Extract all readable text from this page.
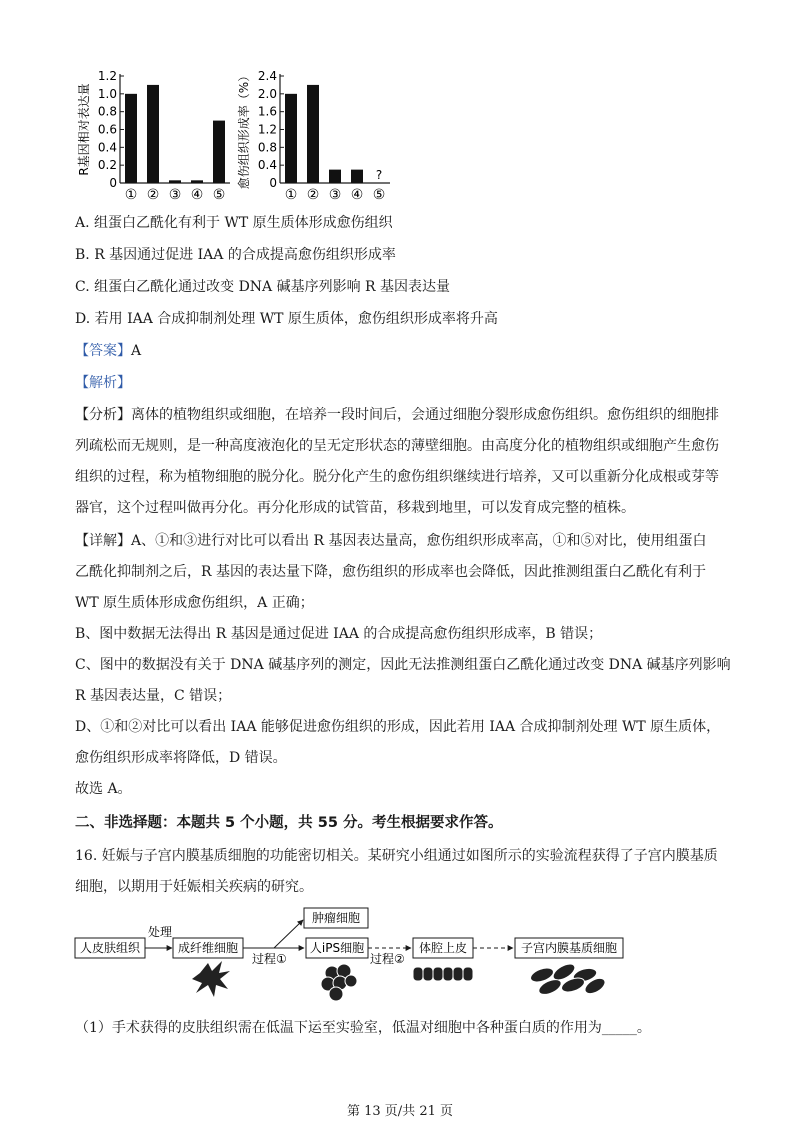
0
0.2
0.4
0.6
0.8
1.0
1.2
R基因相对表达量
① ② ③ ④ ⑤
0
0.4
0.8
1.2
1.6
2.0
2.4
愈伤组织形成率（%）
① ② ③ ④
?
⑤
A. 组蛋白乙酰化有利于 WT 原生质体形成愈伤组织
B. R 基因通过促进 IAA 的合成提高愈伤组织形成率
C. 组蛋白乙酰化通过改变 DNA 碱基序列影响 R 基因表达量
D. 若用 IAA 合成抑制剂处理 WT 原生质体，愈伤组织形成率将升高
【答案】A
【解析】
【分析】离体的植物组织或细胞，在培养一段时间后，会通过细胞分裂形成愈伤组织。愈伤组织的细胞排
列疏松而无规则，是一种高度液泡化的呈无定形状态的薄壁细胞。由高度分化的植物组织或细胞产生愈伤
组织的过程，称为植物细胞的脱分化。脱分化产生的愈伤组织继续进行培养，又可以重新分化成根或芽等
器官，这个过程叫做再分化。再分化形成的试管苗，移栽到地里，可以发育成完整的植株。
【详解】A、①和③进行对比可以看出 R 基因表达量高，愈伤组织形成率高，①和⑤对比，使用组蛋白
乙酰化抑制剂之后，R 基因的表达量下降，愈伤组织的形成率也会降低，因此推测组蛋白乙酰化有利于
WT 原生质体形成愈伤组织，A 正确；
B、图中数据无法得出 R 基因是通过促进 IAA 的合成提高愈伤组织形成率，B 错误；
C、图中的数据没有关于 DNA 碱基序列的测定，因此无法推测组蛋白乙酰化通过改变 DNA 碱基序列影响
R 基因表达量，C 错误；
D、①和②对比可以看出 IAA 能够促进愈伤组织的形成，因此若用 IAA 合成抑制剂处理 WT 原生质体，
愈伤组织形成率将降低，D 错误。
故选 A。
二、非选择题：本题共 5 个小题，共 55 分。考生根据要求作答。
16. 妊娠与子宫内膜基质细胞的功能密切相关。某研究小组通过如图所示的实验流程获得了子宫内膜基质
细胞，以期用于妊娠相关疾病的研究。
人皮肤组织	成纤维细胞
肿瘤细胞
人iPS细胞	体腔上皮	子宫内膜基质细胞
处理
过程①	过程②
（1）手术获得的皮肤组织需在低温下运至实验室，低温对细胞中各种蛋白质的作用为_____。
第 13 页/共 21 页
